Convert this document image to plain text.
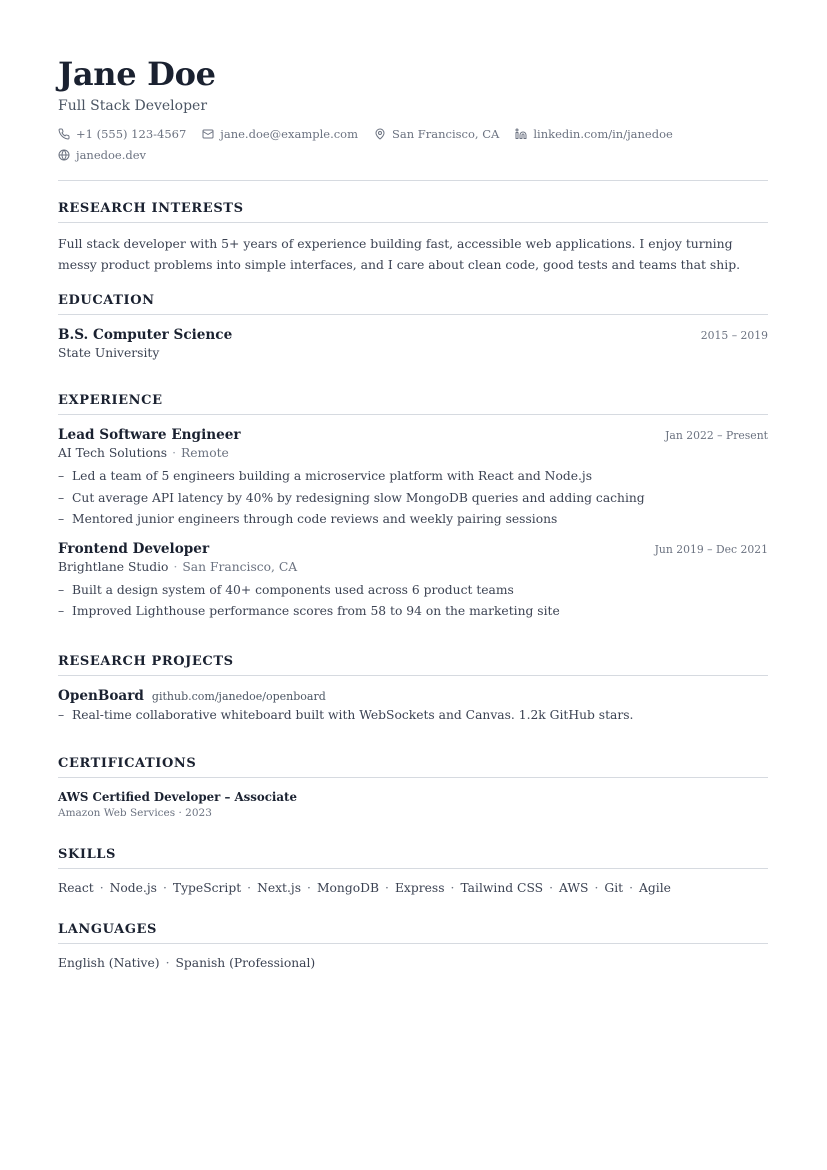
Jane Doe
Full Stack Developer
+1 (555) 123-4567	jane.doe@example.com	San Francisco, CA	linkedin.com/in/janedoe
janedoe.dev
RESEARCH INTERESTS
Full stack developer with 5+ years of experience building fast, accessible web applications. I enjoy turning messy product problems into simple interfaces, and I care about clean code, good tests and teams that ship.
EDUCATION
B.S. Computer Science	2015 – 2019
State University
EXPERIENCE
Lead Software Engineer	Jan 2022 – Present
AI Tech Solutions · Remote
– Led a team of 5 engineers building a microservice platform with React and Node.js
– Cut average API latency by 40% by redesigning slow MongoDB queries and adding caching
– Mentored junior engineers through code reviews and weekly pairing sessions
Frontend Developer	Jun 2019 – Dec 2021
Brightlane Studio · San Francisco, CA
– Built a design system of 40+ components used across 6 product teams
– Improved Lighthouse performance scores from 58 to 94 on the marketing site
RESEARCH PROJECTS
OpenBoard github.com/janedoe/openboard
– Real-time collaborative whiteboard built with WebSockets and Canvas. 1.2k GitHub stars.
CERTIFICATIONS
AWS Certified Developer – Associate
Amazon Web Services · 2023
SKILLS
React · Node.js · TypeScript · Next.js · MongoDB · Express · Tailwind CSS · AWS · Git · Agile
LANGUAGES
English (Native) · Spanish (Professional)
